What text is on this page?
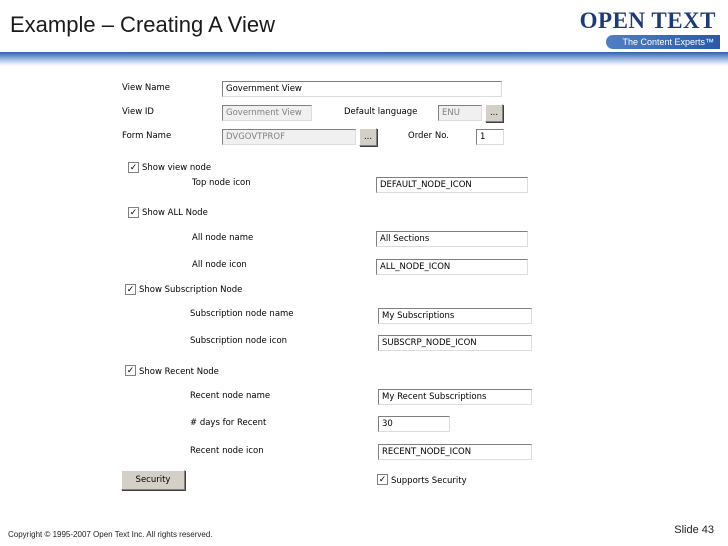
Example – Creating A View	OPEN TEXT
The Content Experts™
View Name	Government View
View ID	Government View	Default language	ENU	...
Form Name	DVGOVTPROF	...	Order No.	1
✓ Show view node
Top node icon	DEFAULT_NODE_ICON
✓ Show ALL Node
All node name	All Sections
All node icon	ALL_NODE_ICON
✓ Show Subscription Node
Subscription node name	My Subscriptions
Subscription node icon	SUBSCRP_NODE_ICON
✓ Show Recent Node
Recent node name	My Recent Subscriptions
# days for Recent	30
Recent node icon	RECENT_NODE_ICON
Security	✓ Supports Security
Copyright © 1995-2007 Open Text Inc. All rights reserved.	Slide 43
